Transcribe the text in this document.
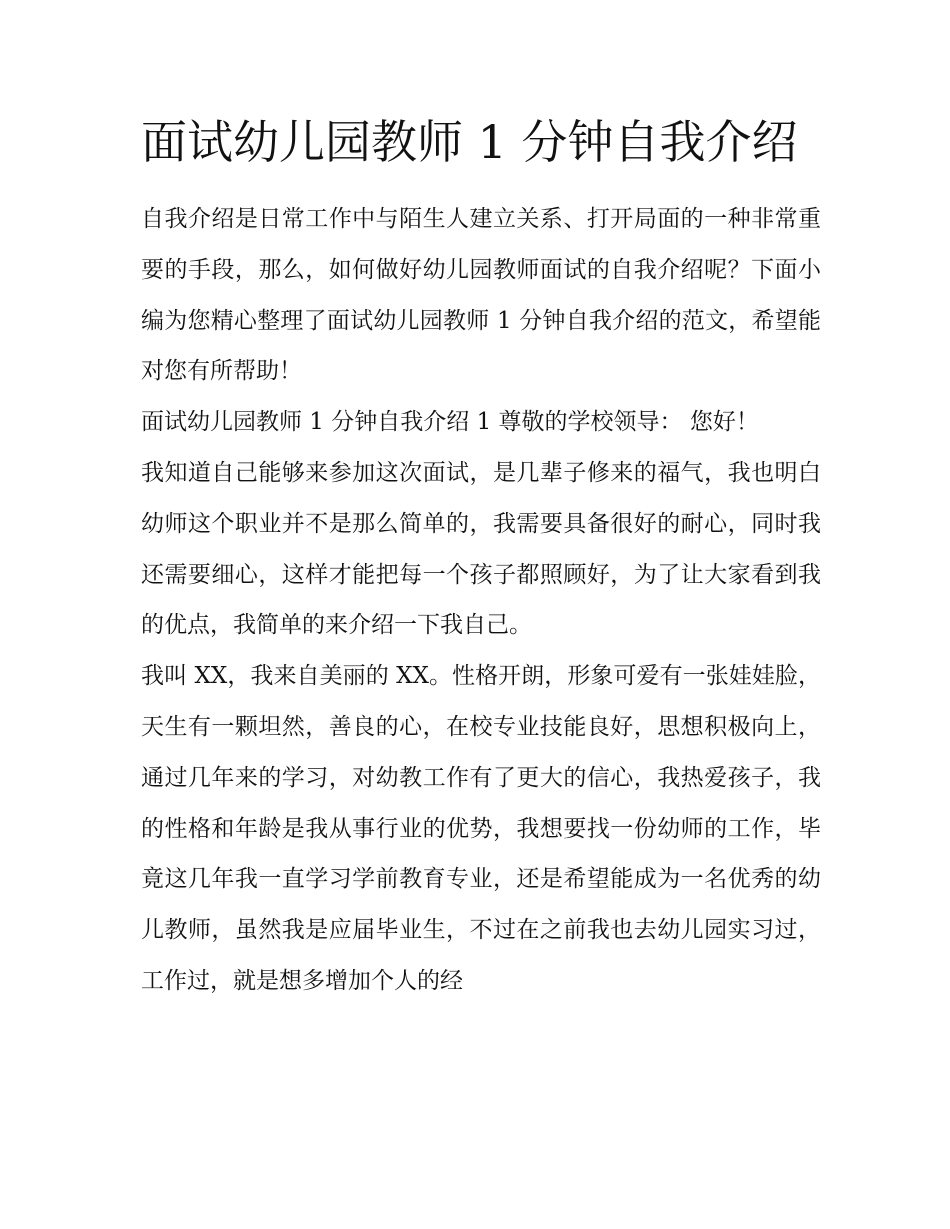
面试幼儿园教师 1 分钟自我介绍

自我介绍是日常工作中与陌生人建立关系、打开局面的一种非常重要的手段，那么，如何做好幼儿园教师面试的自我介绍呢？下面小编为您精心整理了面试幼儿园教师 1 分钟自我介绍的范文，希望能对您有所帮助！

面试幼儿园教师 1 分钟自我介绍 1 尊敬的学校领导： 您好！

我知道自己能够来参加这次面试，是几辈子修来的福气，我也明白幼师这个职业并不是那么简单的，我需要具备很好的耐心，同时我还需要细心，这样才能把每一个孩子都照顾好，为了让大家看到我的优点，我简单的来介绍一下我自己。

我叫 XX，我来自美丽的 XX。性格开朗，形象可爱有一张娃娃脸，天生有一颗坦然，善良的心，在校专业技能良好，思想积极向上，通过几年来的学习，对幼教工作有了更大的信心，我热爱孩子，我的性格和年龄是我从事行业的优势，我想要找一份幼师的工作，毕竟这几年我一直学习学前教育专业，还是希望能成为一名优秀的幼儿教师，虽然我是应届毕业生，不过在之前我也去幼儿园实习过，工作过，就是想多增加个人的经
